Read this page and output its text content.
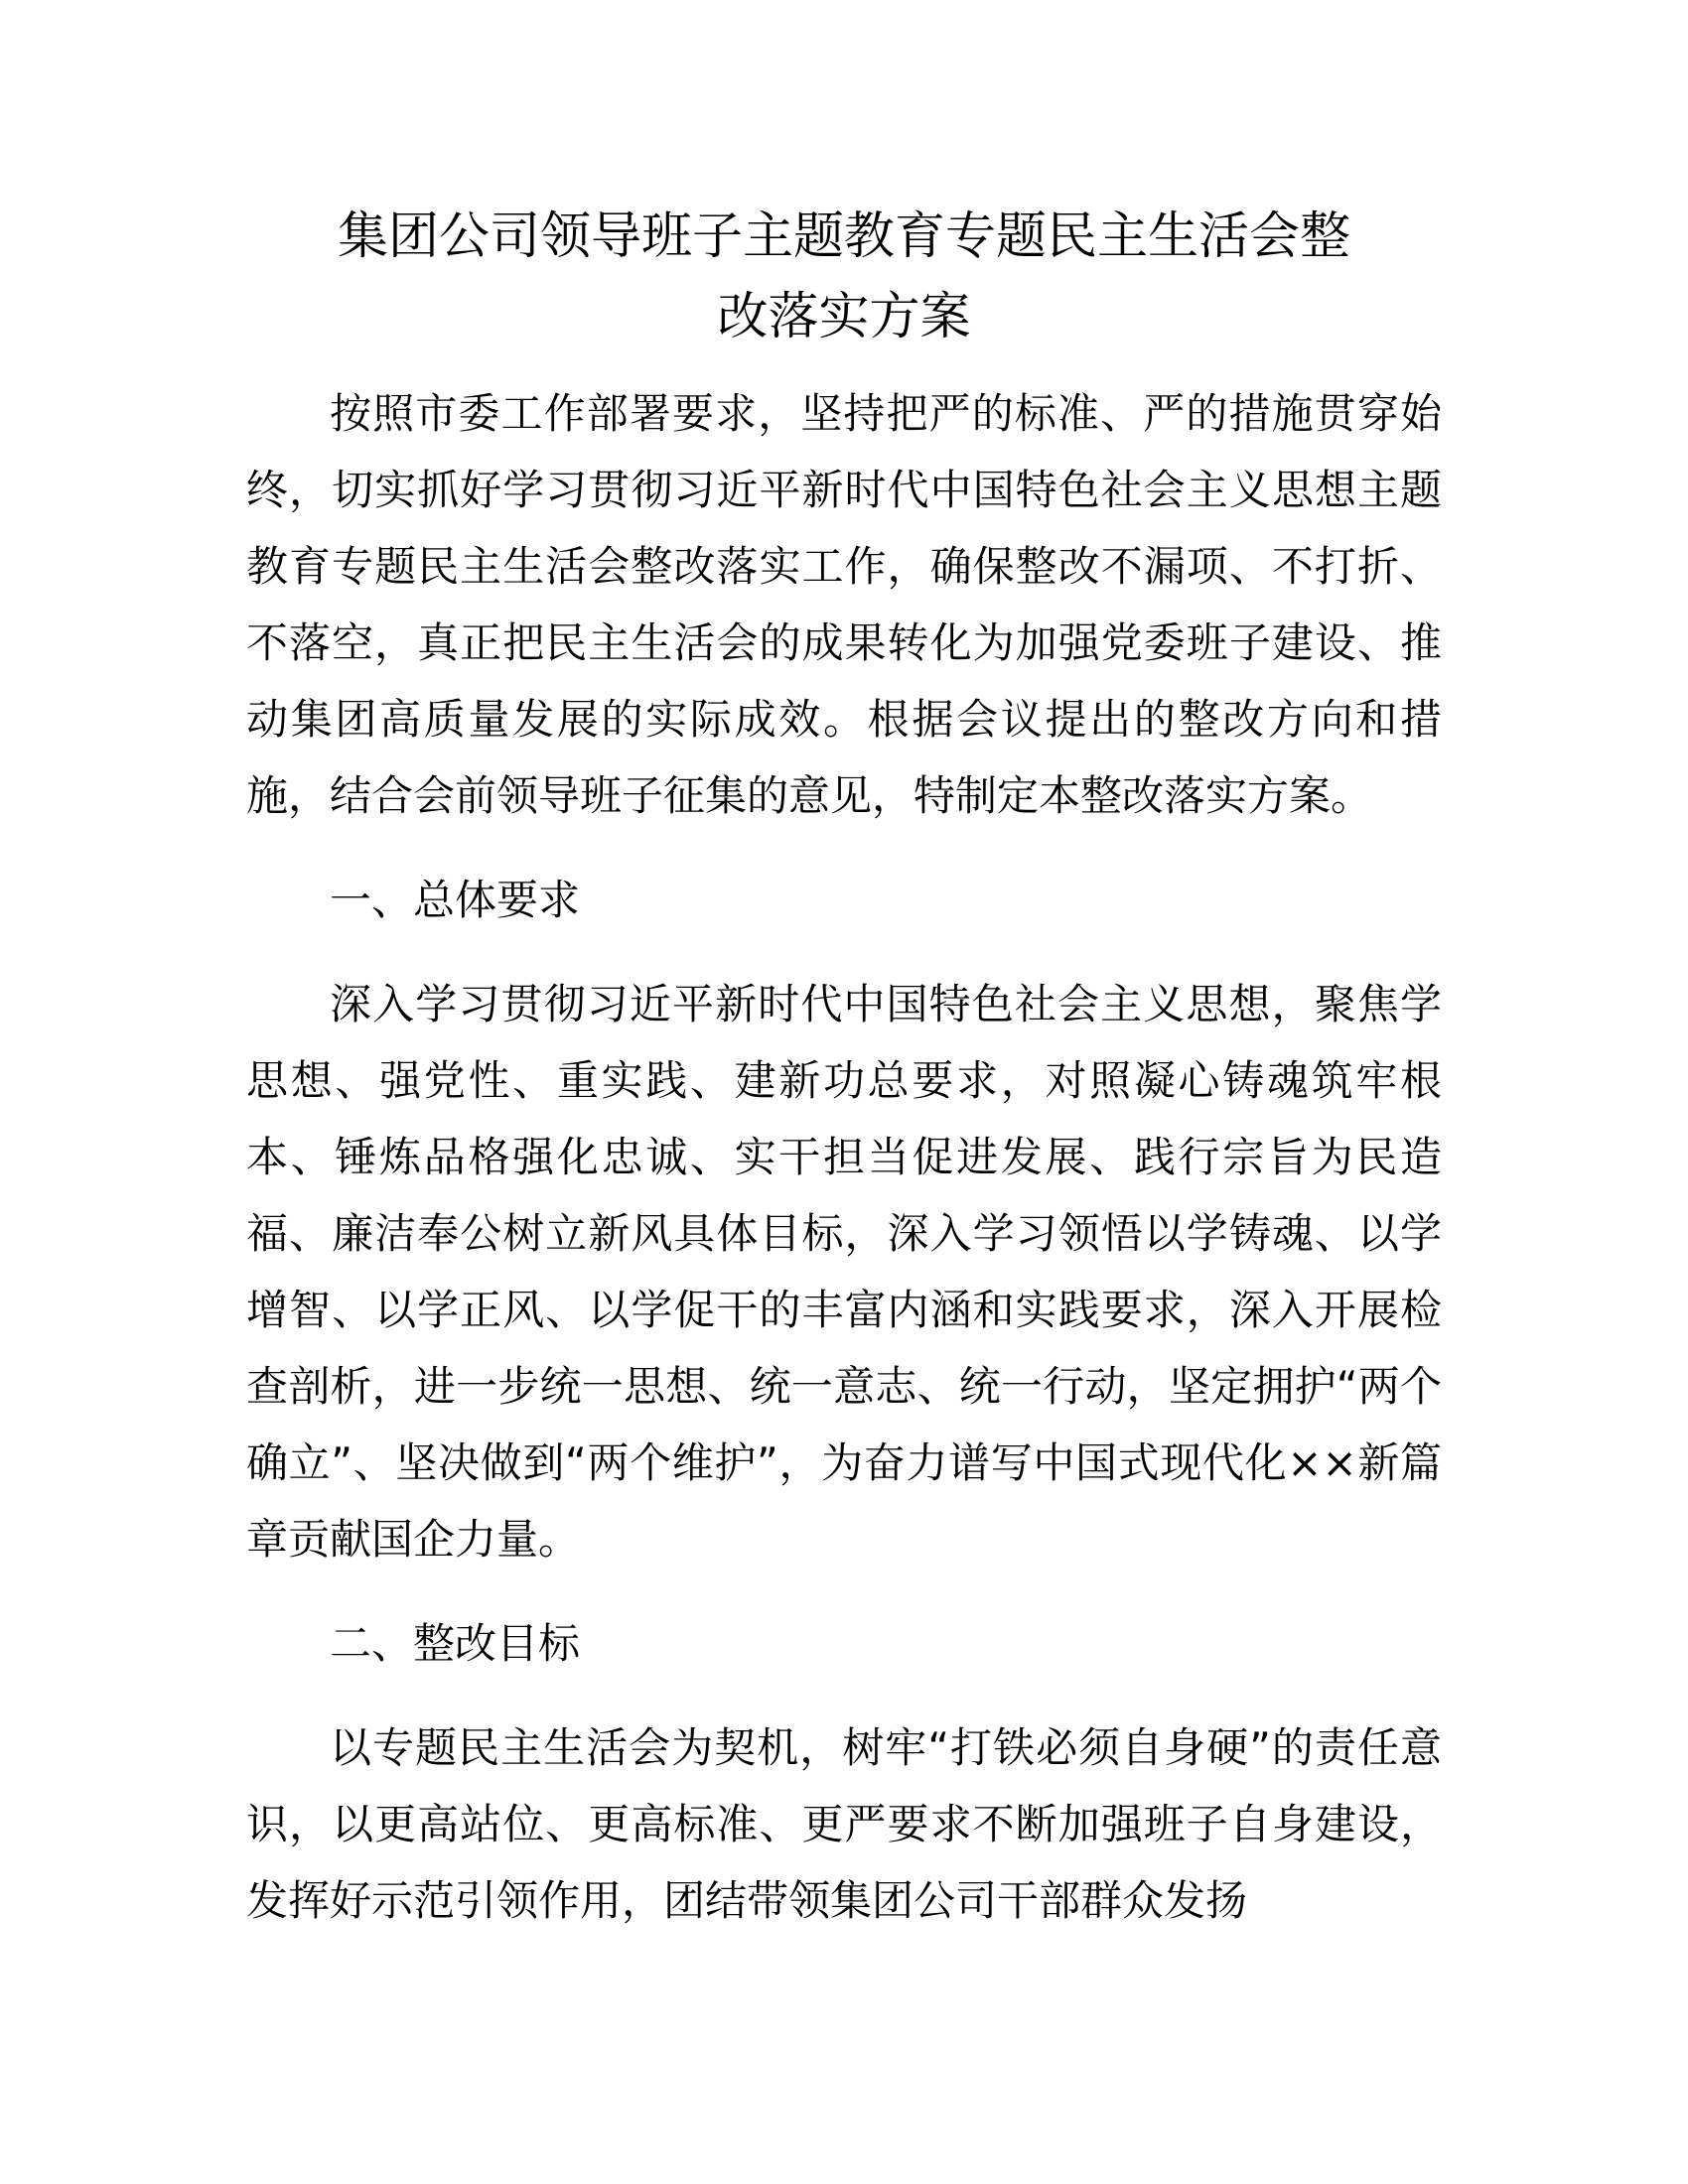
集团公司领导班子主题教育专题民主生活会整
改落实方案

按照市委工作部署要求，坚持把严的标准、严的措施贯穿始终，切实抓好学习贯彻习近平新时代中国特色社会主义思想主题教育专题民主生活会整改落实工作，确保整改不漏项、不打折、不落空，真正把民主生活会的成果转化为加强党委班子建设、推动集团高质量发展的实际成效。根据会议提出的整改方向和措施，结合会前领导班子征集的意见，特制定本整改落实方案。

一、总体要求

深入学习贯彻习近平新时代中国特色社会主义思想，聚焦学思想、强党性、重实践、建新功总要求，对照凝心铸魂筑牢根本、锤炼品格强化忠诚、实干担当促进发展、践行宗旨为民造福、廉洁奉公树立新风具体目标，深入学习领悟以学铸魂、以学增智、以学正风、以学促干的丰富内涵和实践要求，深入开展检查剖析，进一步统一思想、统一意志、统一行动，坚定拥护“两个确立”、坚决做到“两个维护”，为奋力谱写中国式现代化××新篇章贡献国企力量。

二、整改目标

以专题民主生活会为契机，树牢“打铁必须自身硬”的责任意识，以更高站位、更高标准、更严要求不断加强班子自身建设，发挥好示范引领作用，团结带领集团公司干部群众发扬
